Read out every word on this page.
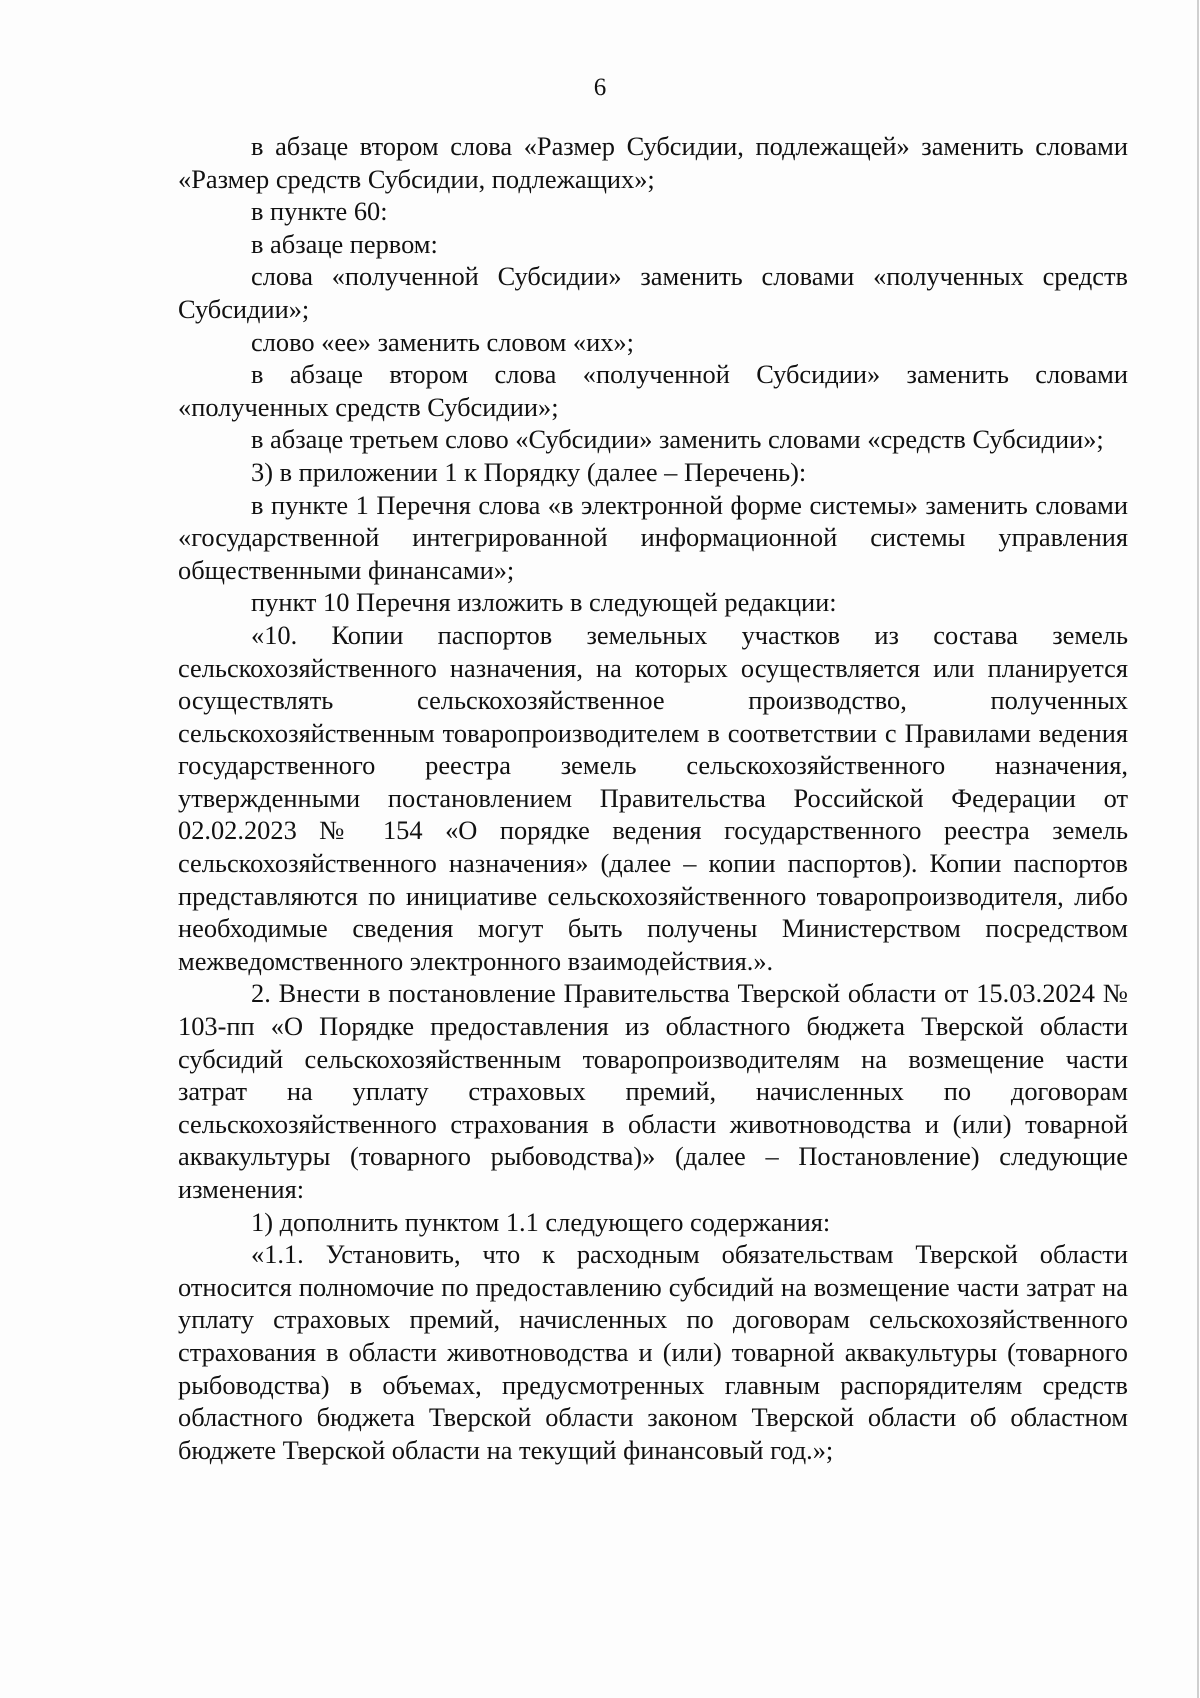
6

в абзаце втором слова «Размер Субсидии, подлежащей» заменить словами «Размер средств Субсидии, подлежащих»;

в пункте 60:

в абзаце первом:

слова «полученной Субсидии» заменить словами «полученных средств Субсидии»;

слово «ее» заменить словом «их»;

в абзаце втором слова «полученной Субсидии» заменить словами «полученных средств Субсидии»;

в абзаце третьем слово «Субсидии» заменить словами «средств Субсидии»;

3) в приложении 1 к Порядку (далее – Перечень):

в пункте 1 Перечня слова «в электронной форме системы» заменить словами «государственной интегрированной информационной системы управления общественными финансами»;

пункт 10 Перечня изложить в следующей редакции:

«10. Копии паспортов земельных участков из состава земель сельскохозяйственного назначения, на которых осуществляется или планируется осуществлять сельскохозяйственное производство, полученных сельскохозяйственным товаропроизводителем в соответствии с Правилами ведения государственного реестра земель сельскохозяйственного назначения, утвержденными постановлением Правительства Российской Федерации от 02.02.2023 № 154 «О порядке ведения государственного реестра земель сельскохозяйственного назначения» (далее – копии паспортов). Копии паспортов представляются по инициативе сельскохозяйственного товаропроизводителя, либо необходимые сведения могут быть получены Министерством посредством межведомственного электронного взаимодействия.».

2. Внести в постановление Правительства Тверской области от 15.03.2024 № 103-пп «О Порядке предоставления из областного бюджета Тверской области субсидий сельскохозяйственным товаропроизводителям на возмещение части затрат на уплату страховых премий, начисленных по договорам сельскохозяйственного страхования в области животноводства и (или) товарной аквакультуры (товарного рыбоводства)» (далее – Постановление) следующие изменения:

1) дополнить пунктом 1.1 следующего содержания:

«1.1. Установить, что к расходным обязательствам Тверской области относится полномочие по предоставлению субсидий на возмещение части затрат на уплату страховых премий, начисленных по договорам сельскохозяйственного страхования в области животноводства и (или) товарной аквакультуры (товарного рыбоводства) в объемах, предусмотренных главным распорядителям средств областного бюджета Тверской области законом Тверской области об областном бюджете Тверской области на текущий финансовый год.»;
